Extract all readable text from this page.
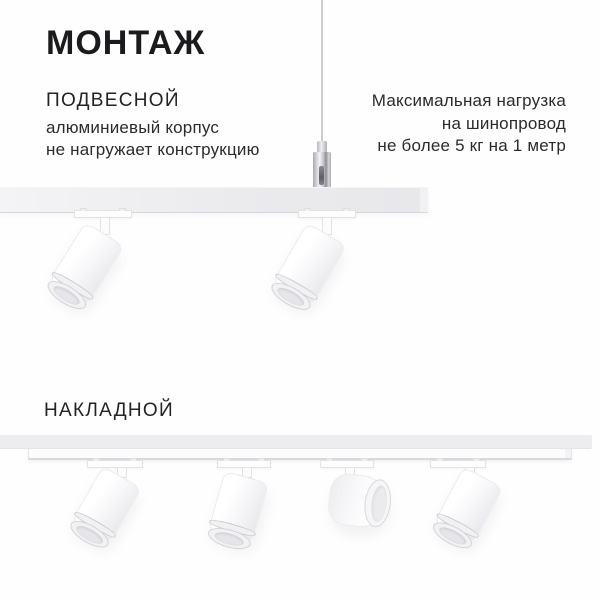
МОНТАЖ
ПОДВЕСНОЙ
алюминиевый корпус
не нагружает конструкцию
Максимальная нагрузка
на шинопровод
не более 5 кг на 1 метр
НАКЛАДНОЙ
